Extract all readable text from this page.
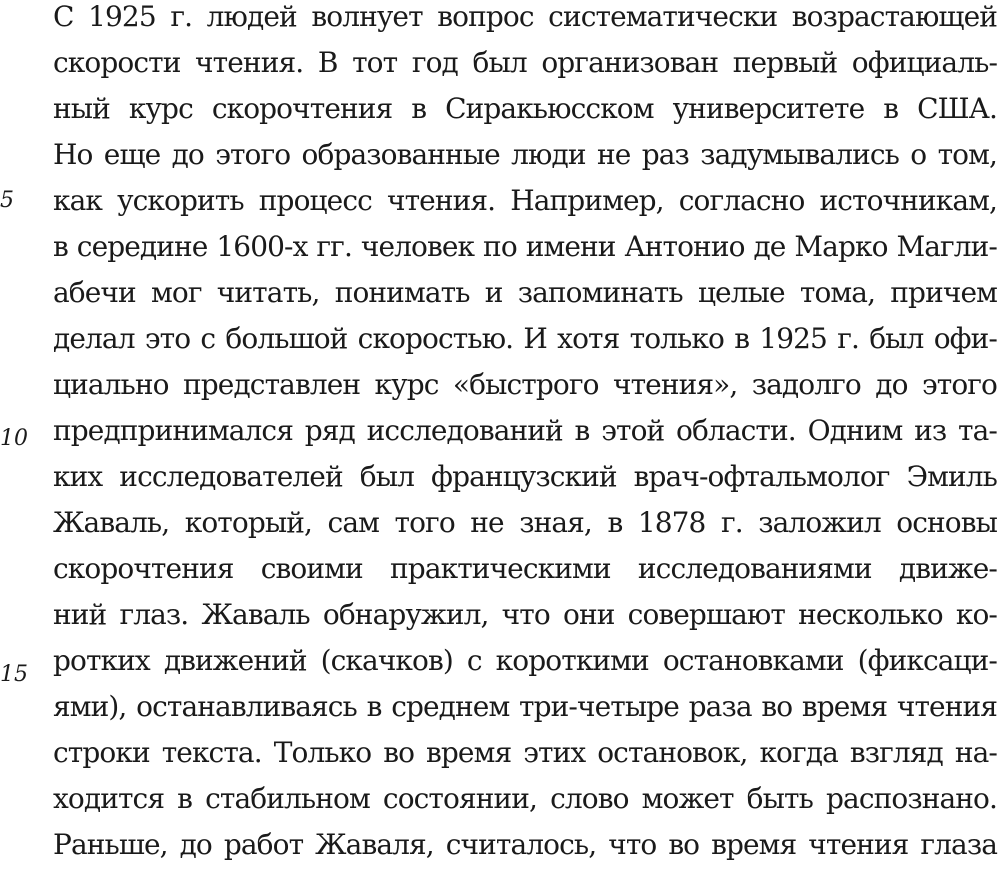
С 1925 г. людей волнует вопрос систематически возрастающей
скорости чтения. В тот год был организован первый официаль-
ный курс скорочтения в Сиракьюсском университете в США.
Но еще до этого образованные люди не раз задумывались о том,
как ускорить процесс чтения. Например, согласно источникам,
в середине 1600-х гг. человек по имени Антонио де Марко Магли-
абечи мог читать, понимать и запоминать целые тома, причем
делал это с большой скоростью. И хотя только в 1925 г. был офи-
циально представлен курс «быстрого чтения», задолго до этого
предпринимался ряд исследований в этой области. Одним из та-
ких исследователей был французский врач-офтальмолог Эмиль
Жаваль, который, сам того не зная, в 1878 г. заложил основы
скорочтения своими практическими исследованиями движе-
ний глаз. Жаваль обнаружил, что они совершают несколько ко-
ротких движений (скачков) с короткими остановками (фиксаци-
ями), останавливаясь в среднем три-четыре раза во время чтения
строки текста. Только во время этих остановок, когда взгляд на-
ходится в стабильном состоянии, слово может быть распознано.
Раньше, до работ Жаваля, считалось, что во время чтения глаза
5
10
15
